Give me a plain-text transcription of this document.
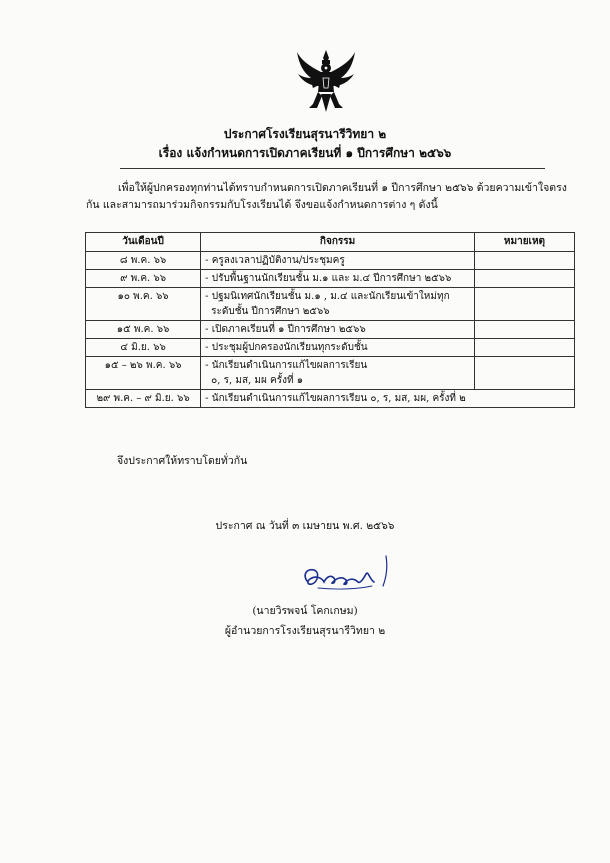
ประกาศโรงเรียนสุรนารีวิทยา ๒
เรื่อง แจ้งกำหนดการเปิดภาคเรียนที่ ๑ ปีการศึกษา ๒๕๖๖
เพื่อให้ผู้ปกครองทุกท่านได้ทราบกำหนดการเปิดภาคเรียนที่ ๑ ปีการศึกษา ๒๕๖๖ ด้วยความเข้าใจตรงกัน และสามารถมาร่วมกิจกรรมกับโรงเรียนได้ จึงขอแจ้งกำหนดการต่าง ๆ ดังนี้
วันเดือนปี	กิจกรรม	หมายเหตุ
๘ พ.ค. ๖๖	- ครูลงเวลาปฏิบัติงาน/ประชุมครู	
๙ พ.ค. ๖๖	- ปรับพื้นฐานนักเรียนชั้น ม.๑ และ ม.๔ ปีการศึกษา ๒๕๖๖	
๑๐ พ.ค. ๖๖	- ปฐมนิเทศนักเรียนชั้น ม.๑ , ม.๔ และนักเรียนเข้าใหม่ทุก
ระดับชั้น ปีการศึกษา ๒๕๖๖	

๑๕ พ.ค. ๖๖	- เปิดภาคเรียนที่ ๑ ปีการศึกษา ๒๕๖๖	
๔ มิ.ย. ๖๖	- ประชุมผู้ปกครองนักเรียนทุกระดับชั้น	
๑๕ – ๒๖ พ.ค. ๖๖	- นักเรียนดำเนินการแก้ไขผลการเรียน
๐, ร, มส, มผ ครั้งที่ ๑	

๒๙ พ.ค. – ๙ มิ.ย. ๖๖	- นักเรียนดำเนินการแก้ไขผลการเรียน ๐, ร, มส, มผ, ครั้งที่ ๒	
จึงประกาศให้ทราบโดยทั่วกัน
ประกาศ ณ วันที่ ๓ เมษายน พ.ศ. ๒๕๖๖
(นายวิรพจน์ โคกเกษม)
ผู้อำนวยการโรงเรียนสุรนารีวิทยา ๒
